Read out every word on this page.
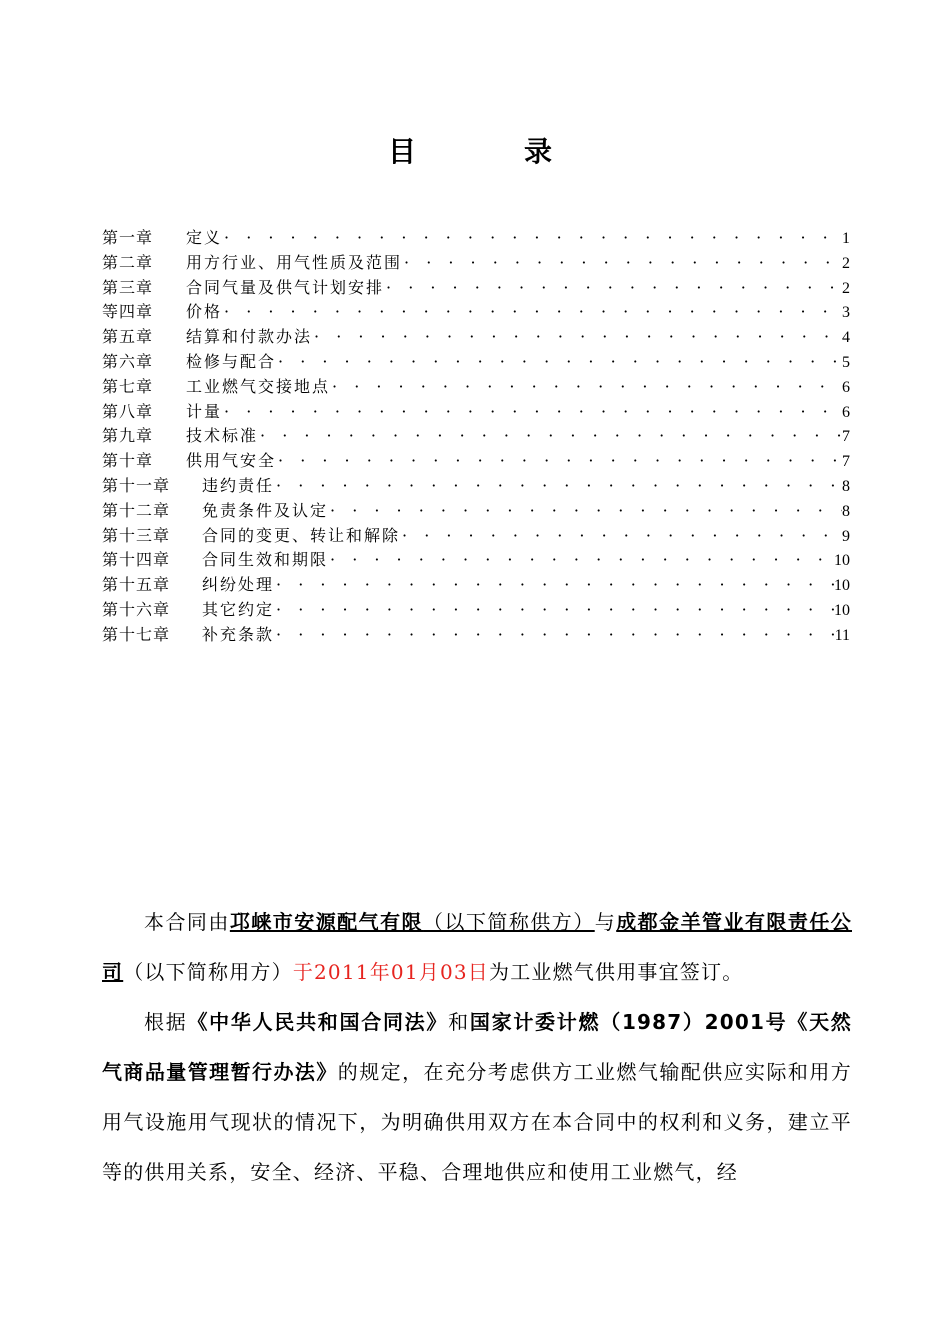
目　录
第一章	定义 · · ·	1
第二章	用方行业、用气性质及范围 · · ·	2
第三章	合同气量及供气计划安排 · · ·	2
等四章	价格 · · ·	3
第五章	结算和付款办法 · · ·	4
第六章	检修与配合 · · ·	5
第七章	工业燃气交接地点 · · ·	6
第八章	计量 · · ·	6
第九章	技术标准 · · ·	7
第十章	供用气安全 · · ·	7
第十一章	违约责任 · · ·	8
第十二章	免责条件及认定 · · ·	8
第十三章	合同的变更、转让和解除 · · ·	9
第十四章	合同生效和期限 · · ·	10
第十五章	纠纷处理 · · ·	10
第十六章	其它约定 · · ·	10
第十七章	补充条款 · · ·	11

本合同由邛崃市安源配气有限（以下简称供方）与成都金羊管业有限责任公司（以下简称用方）于2011年01月03日为工业燃气供用事宜签订。

根据《中华人民共和国合同法》和国家计委计燃（1987）2001号《天然气商品量管理暂行办法》的规定，在充分考虑供方工业燃气输配供应实际和用方用气设施用气现状的情况下，为明确供用双方在本合同中的权利和义务，建立平等的供用关系，安全、经济、平稳、合理地供应和使用工业燃气，经
